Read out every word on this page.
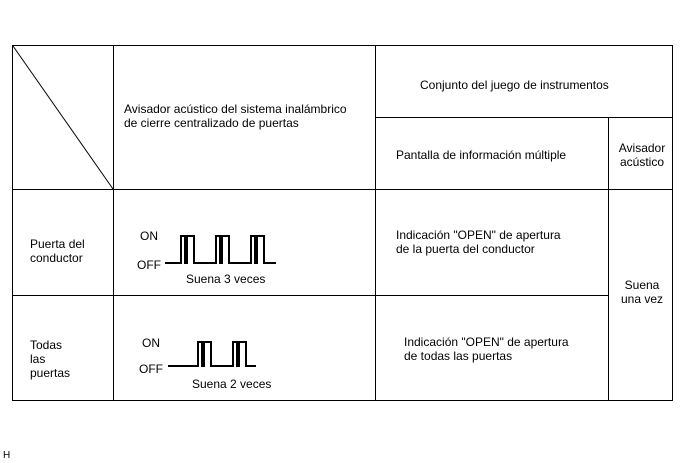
Avisador acústico del sistema inalámbrico
de cierre centralizado de puertas
Conjunto del juego de instrumentos
Pantalla de información múltiple	Avisador
acústico
Puerta del
conductor
ON
OFF
Suena 3 veces
Indicación "OPEN" de apertura
de la puerta del conductor
Todas
las
puertas
ON
OFF
Suena 2 veces
Indicación "OPEN" de apertura
de todas las puertas
Suena
una vez
H
